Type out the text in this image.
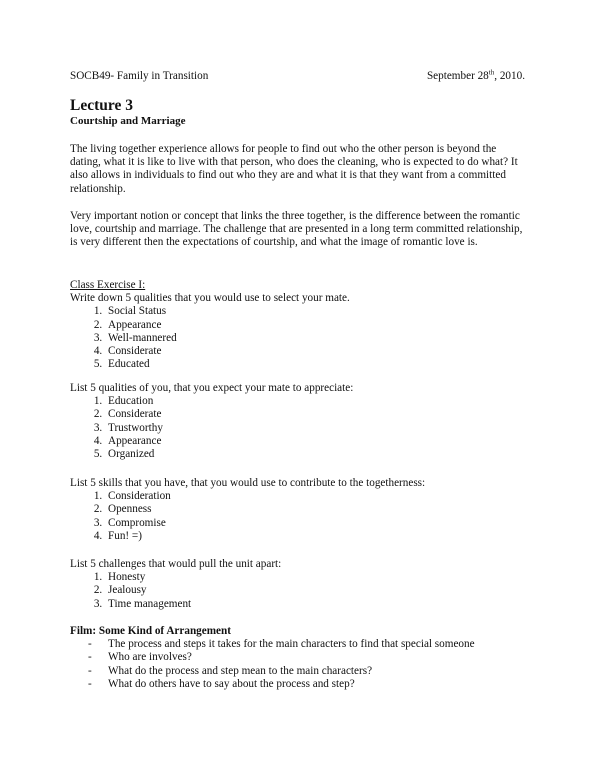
SOCB49- Family in Transition	September 28th, 2010.
Lecture 3
Courtship and Marriage

The living together experience allows for people to find out who the other person is beyond the dating, what it is like to live with that person, who does the cleaning, who is expected to do what? It also allows in individuals to find out who they are and what it is that they want from a committed relationship.

Very important notion or concept that links the three together, is the difference between the romantic love, courtship and marriage. The challenge that are presented in a long term committed relationship, is very different then the expectations of courtship, and what the image of romantic love is.

Class Exercise I:
Write down 5 qualities that you would use to select your mate.
1. Social Status
2. Appearance
3. Well-mannered
4. Considerate
5. Educated
List 5 qualities of you, that you expect your mate to appreciate:
1. Education
2. Considerate
3. Trustworthy
4. Appearance
5. Organized
List 5 skills that you have, that you would use to contribute to the togetherness:
1. Consideration
2. Openness
3. Compromise
4. Fun! =)
List 5 challenges that would pull the unit apart:
1. Honesty
2. Jealousy
3. Time management
Film: Some Kind of Arrangement
- The process and steps it takes for the main characters to find that special someone
- Who are involves?
- What do the process and step mean to the main characters?
- What do others have to say about the process and step?
